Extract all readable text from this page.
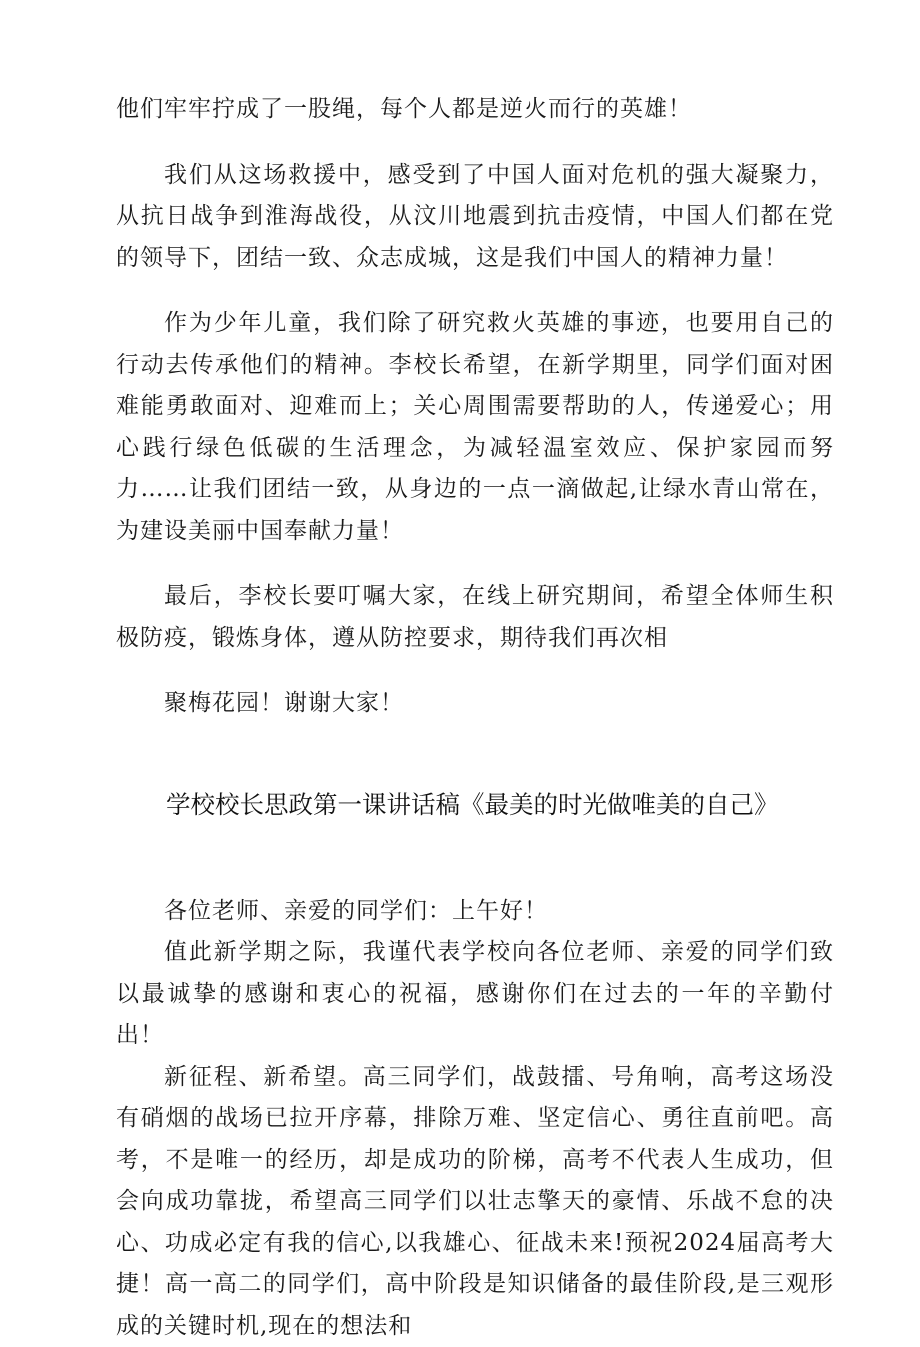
他们牢牢拧成了一股绳，每个人都是逆火而行的英雄！

我们从这场救援中，感受到了中国人面对危机的强大凝聚力，从抗日战争到淮海战役，从汶川地震到抗击疫情，中国人们都在党的领导下，团结一致、众志成城，这是我们中国人的精神力量！

作为少年儿童，我们除了研究救火英雄的事迹，也要用自己的行动去传承他们的精神。李校长希望，在新学期里，同学们面对困难能勇敢面对、迎难而上；关心周围需要帮助的人，传递爱心；用心践行绿色低碳的生活理念，为减轻温室效应、保护家园而努力……让我们团结一致，从身边的一点一滴做起,让绿水青山常在，为建设美丽中国奉献力量！

最后，李校长要叮嘱大家，在线上研究期间，希望全体师生积极防疫，锻炼身体，遵从防控要求，期待我们再次相

聚梅花园！谢谢大家！

学校校长思政第一课讲话稿《最美的时光做唯美的自己》

各位老师、亲爱的同学们：上午好！

值此新学期之际，我谨代表学校向各位老师、亲爱的同学们致以最诚挚的感谢和衷心的祝福，感谢你们在过去的一年的辛勤付出！

新征程、新希望。高三同学们，战鼓擂、号角响，高考这场没有硝烟的战场已拉开序幕，排除万难、坚定信心、勇往直前吧。高考，不是唯一的经历，却是成功的阶梯，高考不代表人生成功，但会向成功靠拢，希望高三同学们以壮志擎天的豪情、乐战不怠的决心、功成必定有我的信心,以我雄心、征战未来!预祝2024届高考大捷！高一高二的同学们，高中阶段是知识储备的最佳阶段,是三观形成的关键时机,现在的想法和
